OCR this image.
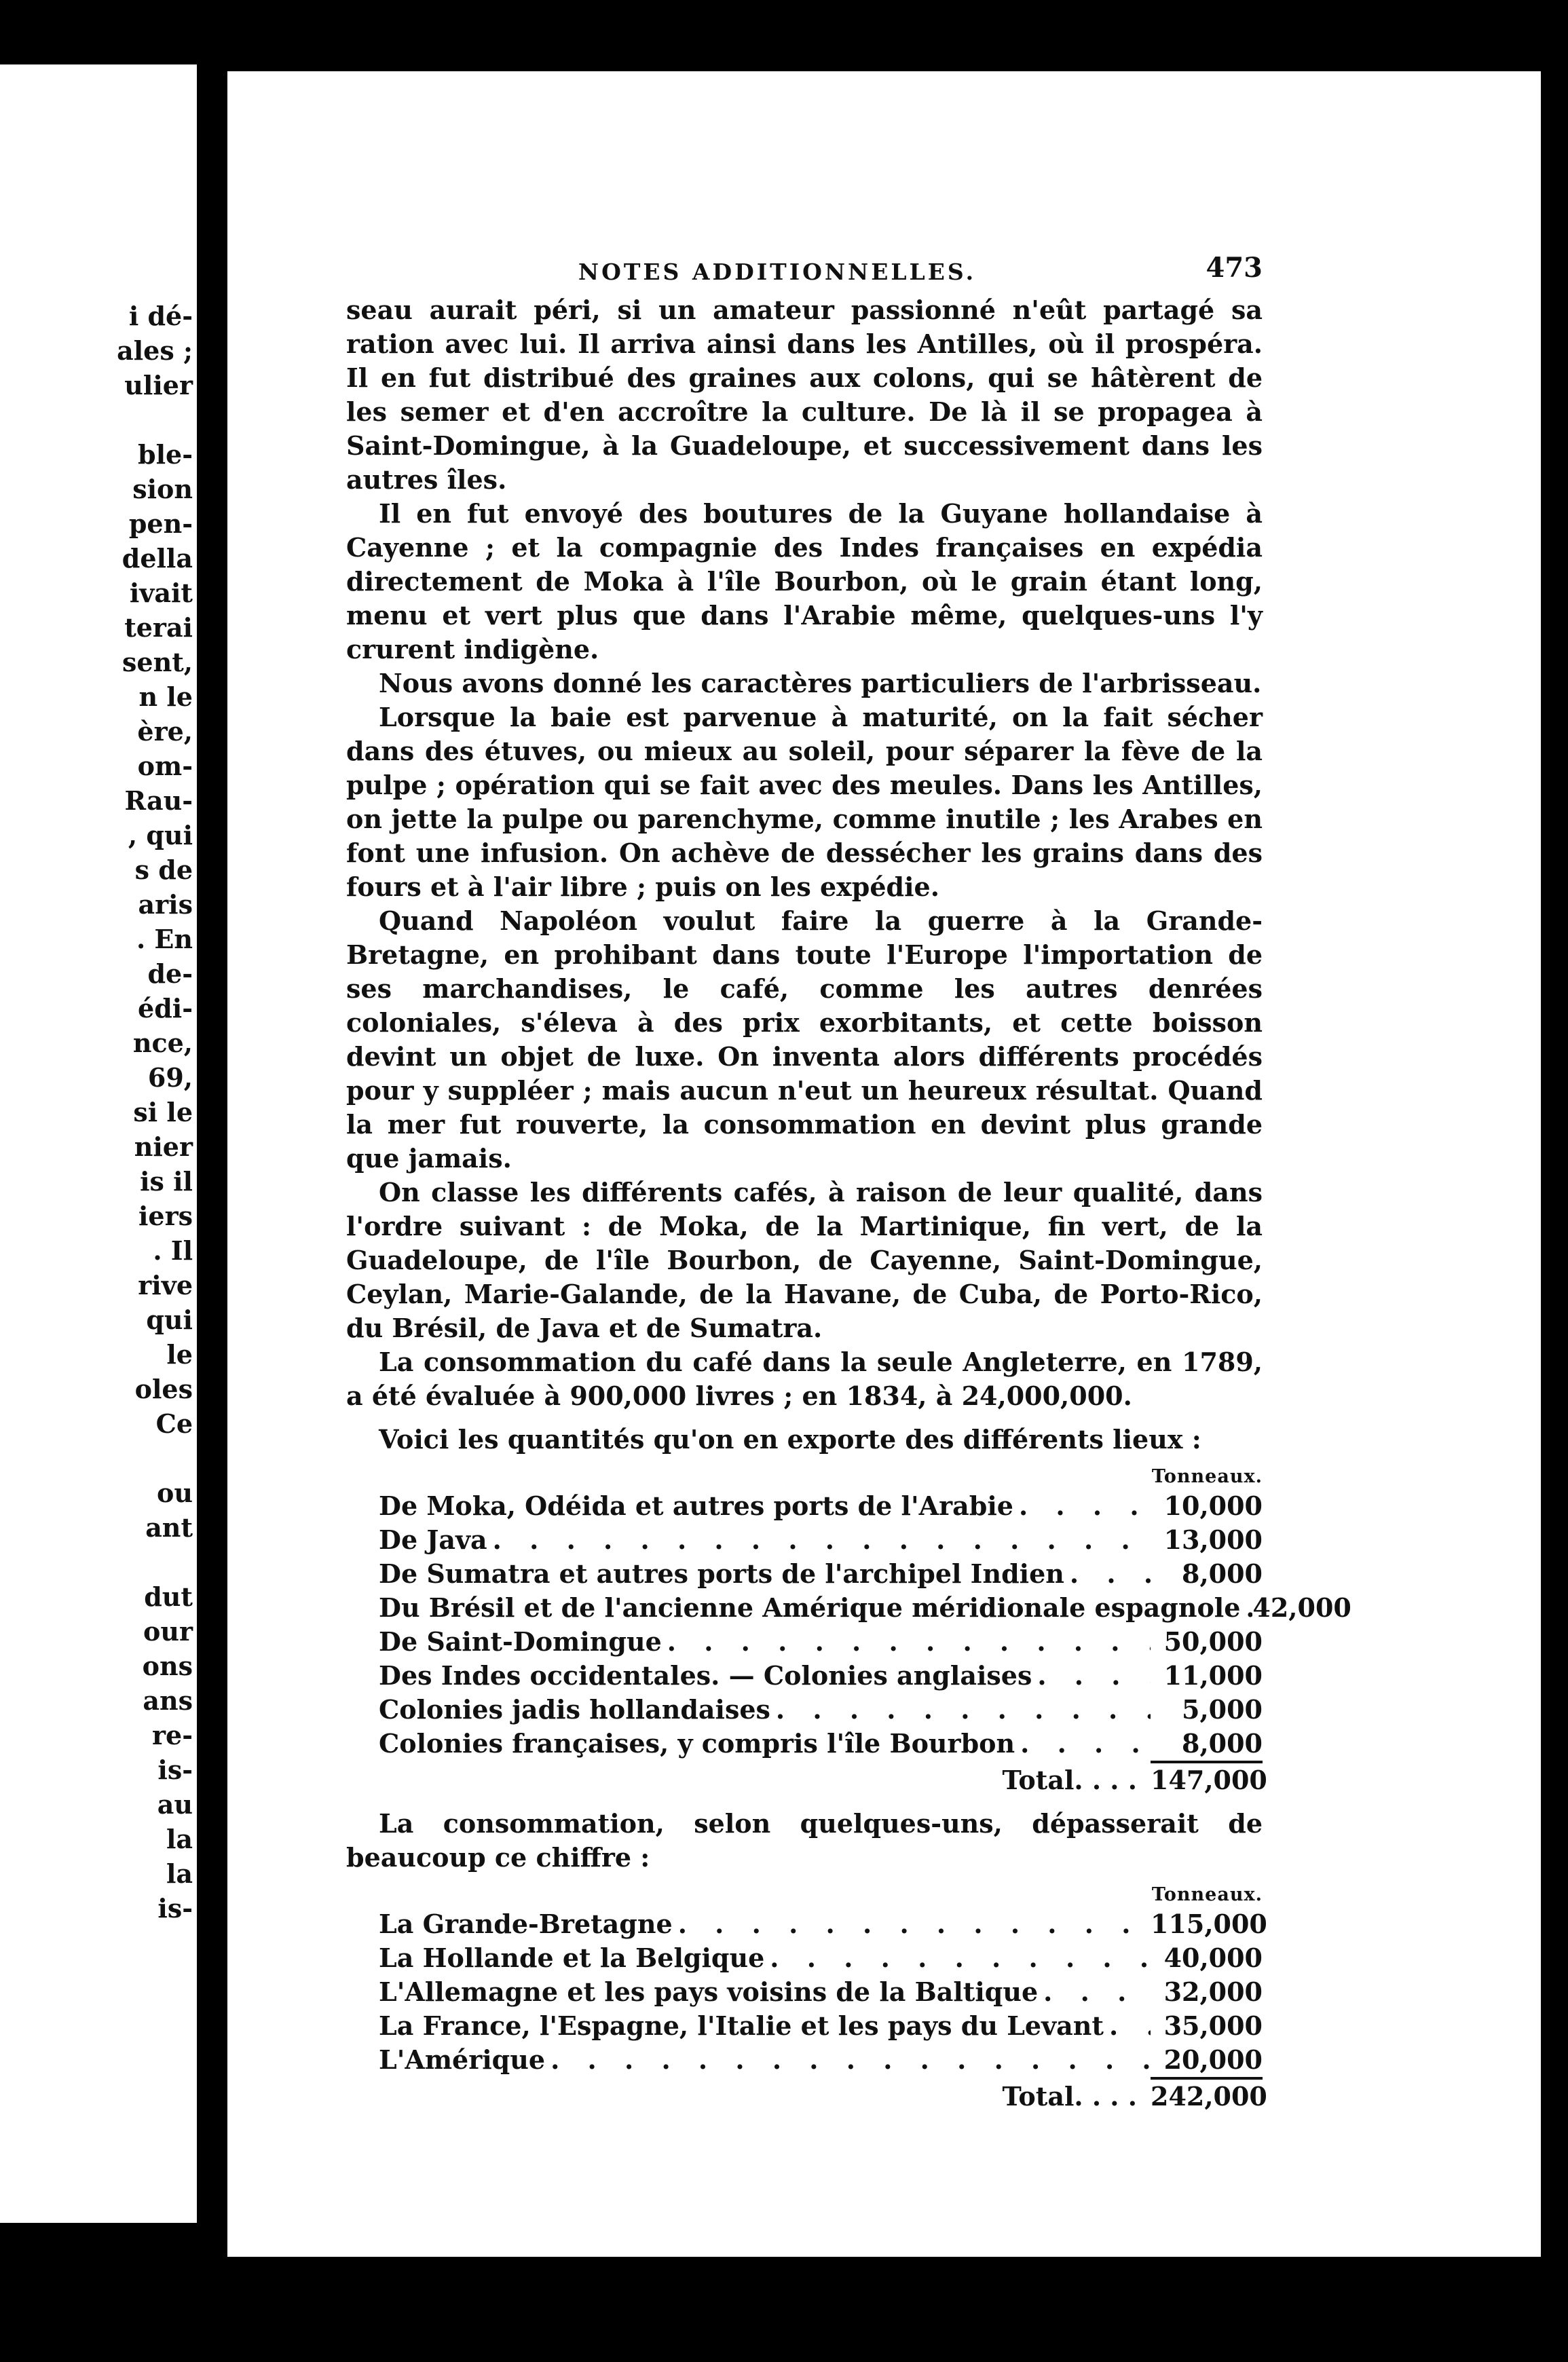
i dé-
ales ;
ulier
ble-
sion
pen-
della
ivait
terai
sent,
n le
ère,
om-
Rau-
, qui
s de
aris
. En
de-
édi-
nce,
69,
si le
nier
is il
iers
. Il
rive
qui
le
oles
Ce
ou
ant
dut
our
ons
ans
re-
is-
au
la
la
is-
NOTES ADDITIONNELLES.	473

seau aurait péri, si un amateur passionné n'eût partagé sa ration avec lui. Il arriva ainsi dans les Antilles, où il prospéra. Il en fut distribué des graines aux colons, qui se hâtèrent de les semer et d'en accroître la culture. De là il se propagea à Saint-Domingue, à la Guadeloupe, et successivement dans les autres îles.

Il en fut envoyé des boutures de la Guyane hollandaise à Cayenne ; et la compagnie des Indes françaises en expédia directement de Moka à l'île Bourbon, où le grain étant long, menu et vert plus que dans l'Arabie même, quelques-uns l'y crurent indigène.

Nous avons donné les caractères particuliers de l'arbrisseau.

Lorsque la baie est parvenue à maturité, on la fait sécher dans des étuves, ou mieux au soleil, pour séparer la fève de la pulpe ; opération qui se fait avec des meules. Dans les Antilles, on jette la pulpe ou parenchyme, comme inutile ; les Arabes en font une infusion. On achève de dessécher les grains dans des fours et à l'air libre ; puis on les expédie.

Quand Napoléon voulut faire la guerre à la Grande-Bretagne, en prohibant dans toute l'Europe l'importation de ses marchandises, le café, comme les autres denrées coloniales, s'éleva à des prix exorbitants, et cette boisson devint un objet de luxe. On inventa alors différents procédés pour y suppléer ; mais aucun n'eut un heureux résultat. Quand la mer fut rouverte, la consommation en devint plus grande que jamais.

On classe les différents cafés, à raison de leur qualité, dans l'ordre suivant : de Moka, de la Martinique, fin vert, de la Guadeloupe, de l'île Bourbon, de Cayenne, Saint-Domingue, Ceylan, Marie-Galande, de la Havane, de Cuba, de Porto-Rico, du Brésil, de Java et de Sumatra.

La consommation du café dans la seule Angleterre, en 1789, a été évaluée à 900,000 livres ; en 1834, à 24,000,000.

Voici les quantités qu'on en exporte des différents lieux :

Tonneaux.
De Moka, Odéida et autres ports de l'Arabie . . .	10,000
De Java . . .	13,000
De Sumatra et autres ports de l'archipel Indien . . .	8,000
Du Brésil et de l'ancienne Amérique méridionale espagnole . . . 42,000
De Saint-Domingue . . .	50,000
Des Indes occidentales. — Colonies anglaises . . .	11,000
Colonies jadis hollandaises . . .	5,000
Colonies françaises, y compris l'île Bourbon . . .	8,000
Total. . . . 147,000

La consommation, selon quelques-uns, dépasserait de beaucoup ce chiffre :

Tonneaux.
La Grande-Bretagne . . .	115,000
La Hollande et la Belgique . . .	40,000
L'Allemagne et les pays voisins de la Baltique . . .	32,000
La France, l'Espagne, l'Italie et les pays du Levant . . .	35,000
L'Amérique . . .	20,000
Total. . . . 242,000
